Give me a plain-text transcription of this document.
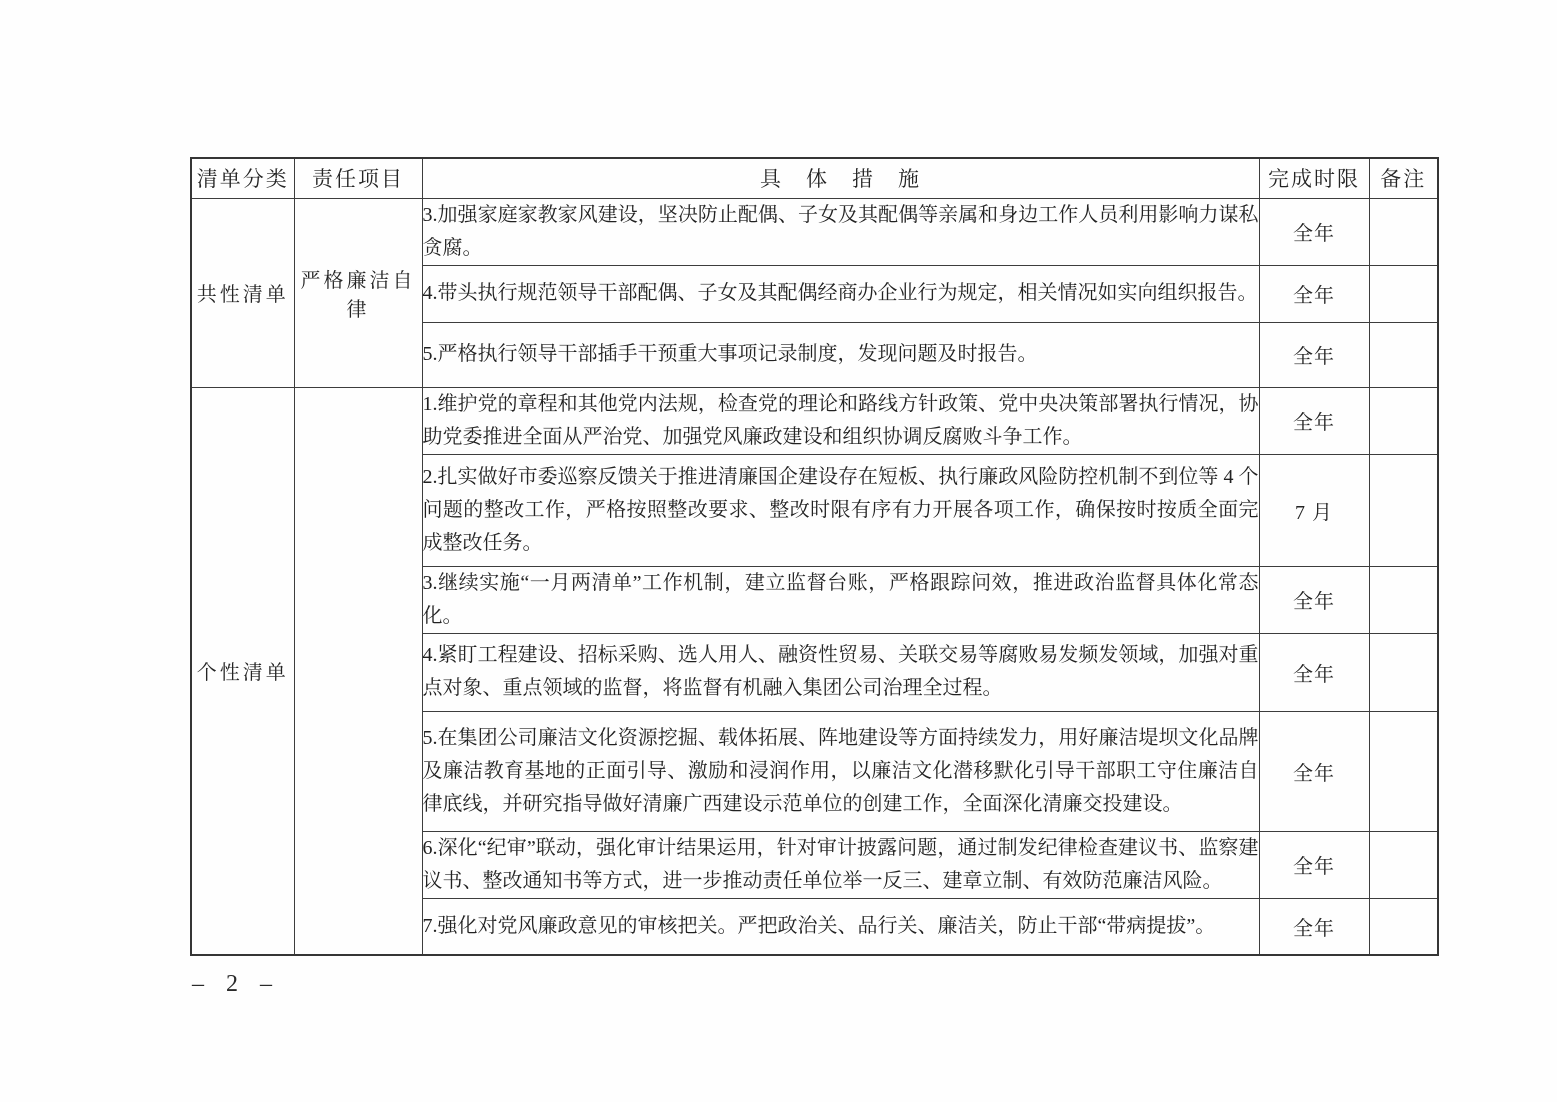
清单分类	责任项目	具　体　措　施	完成时限	备注
共性清单	严格廉洁自律	3.加强家庭家教家风建设，坚决防止配偶、子女及其配偶等亲属和身边工作人员利用影响力谋私贪腐。	全年	
		4.带头执行规范领导干部配偶、子女及其配偶经商办企业行为规定，相关情况如实向组织报告。	全年	
		5.严格执行领导干部插手干预重大事项记录制度，发现问题及时报告。	全年	
个性清单		1.维护党的章程和其他党内法规，检查党的理论和路线方针政策、党中央决策部署执行情况，协助党委推进全面从严治党、加强党风廉政建设和组织协调反腐败斗争工作。	全年	
		2.扎实做好市委巡察反馈关于推进清廉国企建设存在短板、执行廉政风险防控机制不到位等 4 个问题的整改工作，严格按照整改要求、整改时限有序有力开展各项工作，确保按时按质全面完成整改任务。	7 月	
		3.继续实施“一月两清单”工作机制，建立监督台账，严格跟踪问效，推进政治监督具体化常态化。	全年	
		4.紧盯工程建设、招标采购、选人用人、融资性贸易、关联交易等腐败易发频发领域，加强对重点对象、重点领域的监督，将监督有机融入集团公司治理全过程。	全年	
		5.在集团公司廉洁文化资源挖掘、载体拓展、阵地建设等方面持续发力，用好廉洁堤坝文化品牌及廉洁教育基地的正面引导、激励和浸润作用，以廉洁文化潜移默化引导干部职工守住廉洁自律底线，并研究指导做好清廉广西建设示范单位的创建工作，全面深化清廉交投建设。	全年	
		6.深化“纪审”联动，强化审计结果运用，针对审计披露问题，通过制发纪律检查建议书、监察建议书、整改通知书等方式，进一步推动责任单位举一反三、建章立制、有效防范廉洁风险。	全年	
		7.强化对党风廉政意见的审核把关。严把政治关、品行关、廉洁关，防止干部“带病提拔”。	全年	
– 2 –
